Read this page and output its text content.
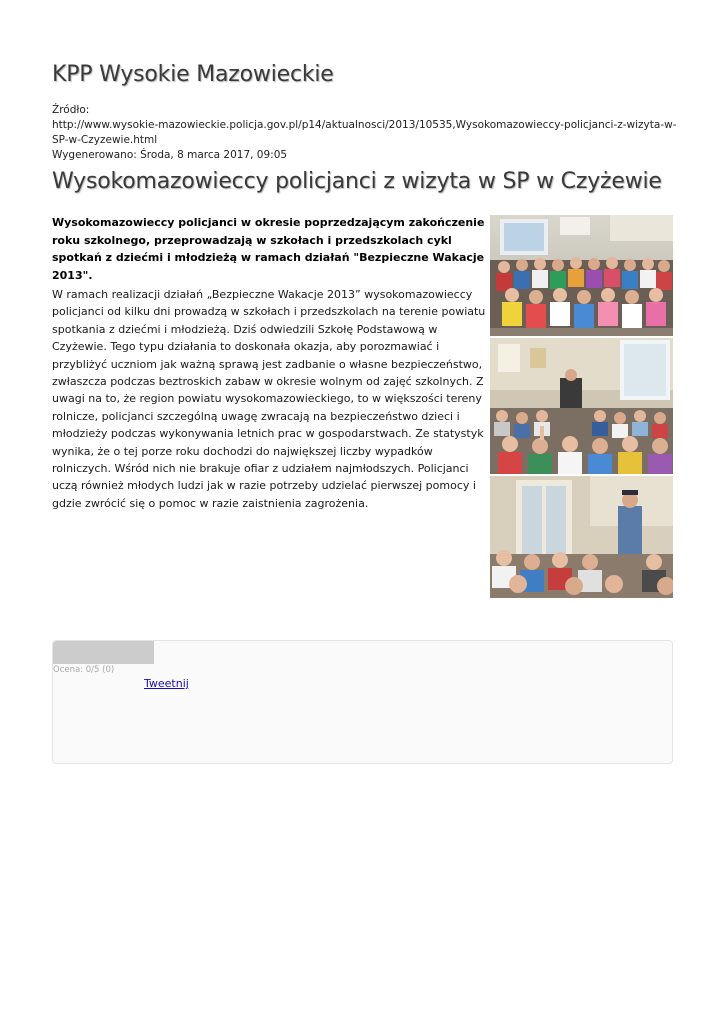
KPP Wysokie Mazowieckie
Źródło:
http://www.wysokie-mazowieckie.policja.gov.pl/p14/aktualnosci/2013/10535,Wysokomazowieccy-policjanci-z-wizyta-w-SP-w-Czyzewie.html
Wygenerowano: Środa, 8 marca 2017, 09:05
Wysokomazowieccy policjanci z wizyta w SP w Czyżewie
Wysokomazowieccy policjanci w okresie poprzedzającym zakończenie roku szkolnego, przeprowadzają w szkołach i przedszkolach cykl spotkań z dziećmi i młodzieżą w ramach działań "Bezpieczne Wakacje 2013".
W ramach realizacji działań „Bezpieczne Wakacje 2013” wysokomazowieccy policjanci od kilku dni prowadzą w szkołach i przedszkolach na terenie powiatu spotkania z dziećmi i młodzieżą. Dziś odwiedzili Szkołę Podstawową w Czyżewie. Tego typu działania to doskonała okazja, aby porozmawiać i przybliżyć uczniom jak ważną sprawą jest zadbanie o własne bezpieczeństwo, zwłaszcza podczas beztroskich zabaw w okresie wolnym od zajęć szkolnych. Z uwagi na to, że region powiatu wysokomazowieckiego, to w większości tereny rolnicze, policjanci szczególną uwagę zwracają na bezpieczeństwo dzieci i młodzieży podczas wykonywania letnich prac w gospodarstwach. Ze statystyk wynika, że o tej porze roku dochodzi do największej liczby wypadków rolniczych. Wśród nich nie brakuje ofiar z udziałem najmłodszych. Policjanci uczą również młodych ludzi jak w razie potrzeby udzielać pierwszej pomocy i gdzie zwrócić się o pomoc w razie zaistnienia zagrożenia.
Ocena: 0/5 (0)
Tweetnij
